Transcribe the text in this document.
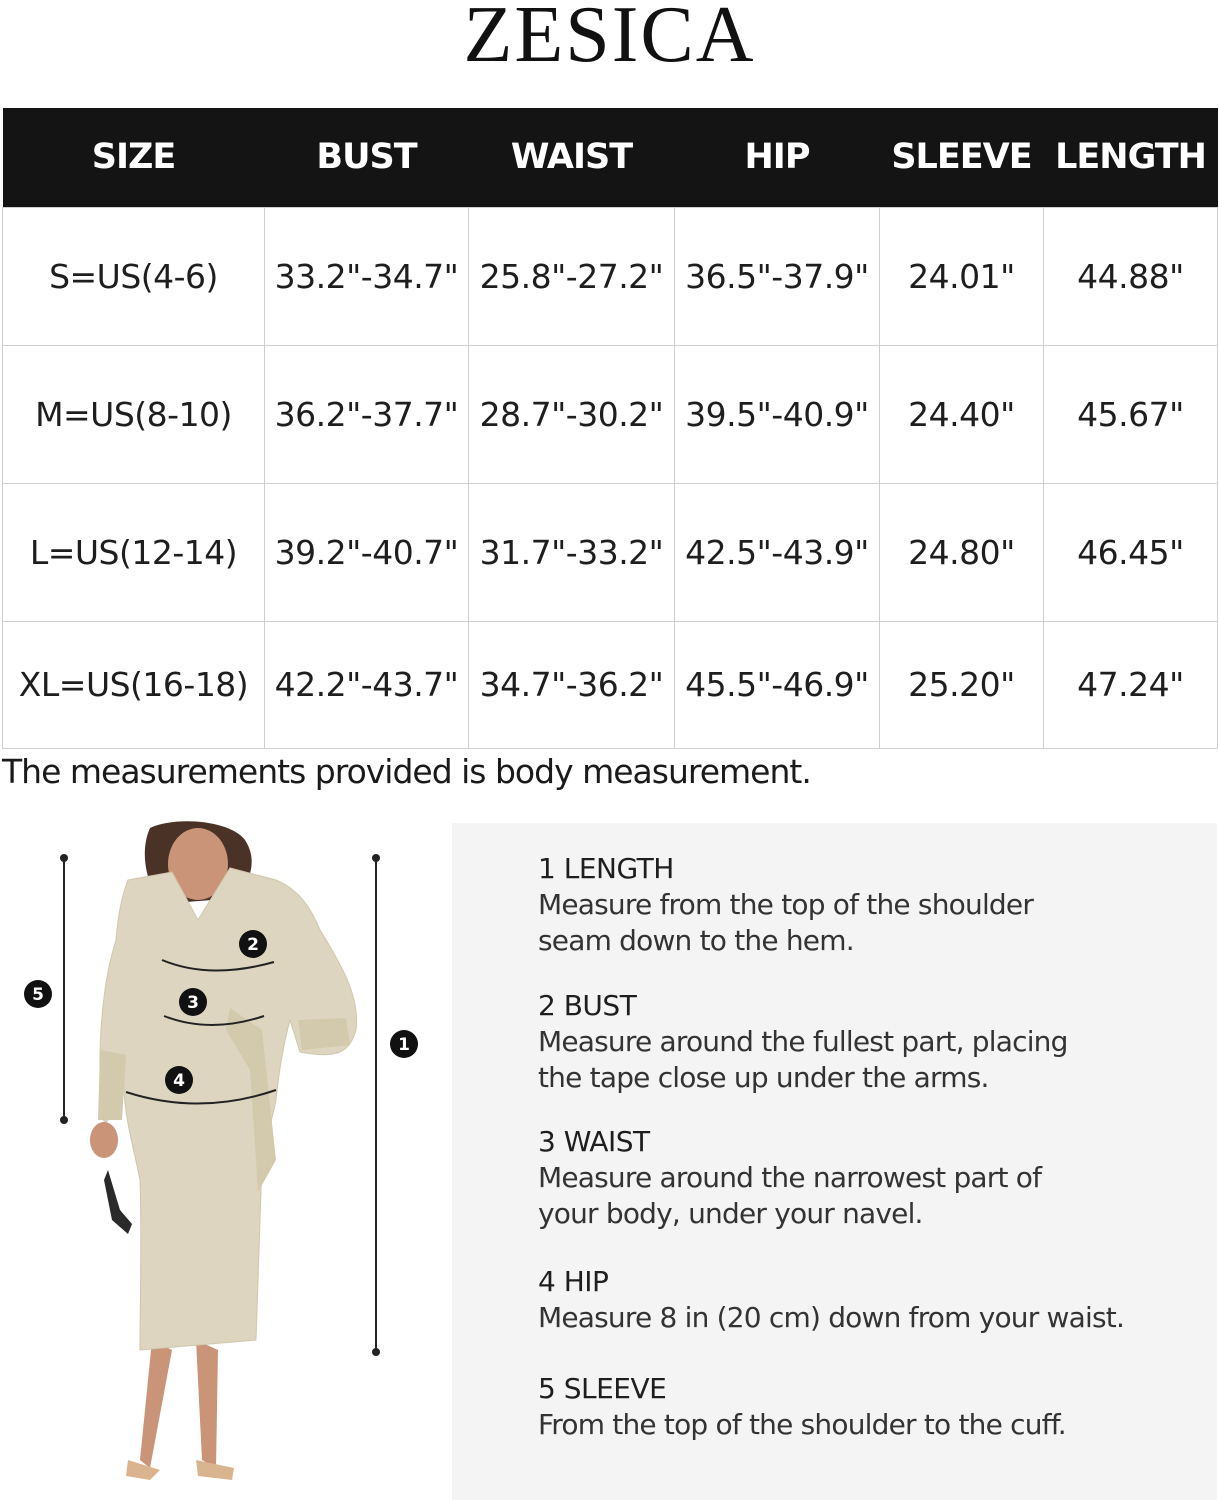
ZESICA
SIZE	BUST	WAIST	HIP	SLEEVE	LENGTH
S=US(4-6)	33.2"-34.7"	25.8"-27.2"	36.5"-37.9"	24.01"	44.88"
M=US(8-10)	36.2"-37.7"	28.7"-30.2"	39.5"-40.9"	24.40"	45.67"
L=US(12-14)	39.2"-40.7"	31.7"-33.2"	42.5"-43.9"	24.80"	46.45"
XL=US(16-18)	42.2"-43.7"	34.7"-36.2"	45.5"-46.9"	25.20"	47.24"
The measurements provided is body measurement.
1
2
3
4
5
1 LENGTH
Measure from the top of the shoulder seam down to the hem.
2 BUST
Measure around the fullest part, placing the tape close up under the arms.
3 WAIST
Measure around the narrowest part of your body, under your navel.
4 HIP
Measure 8 in (20 cm) down from your waist.
5 SLEEVE
From the top of the shoulder to the cuff.
